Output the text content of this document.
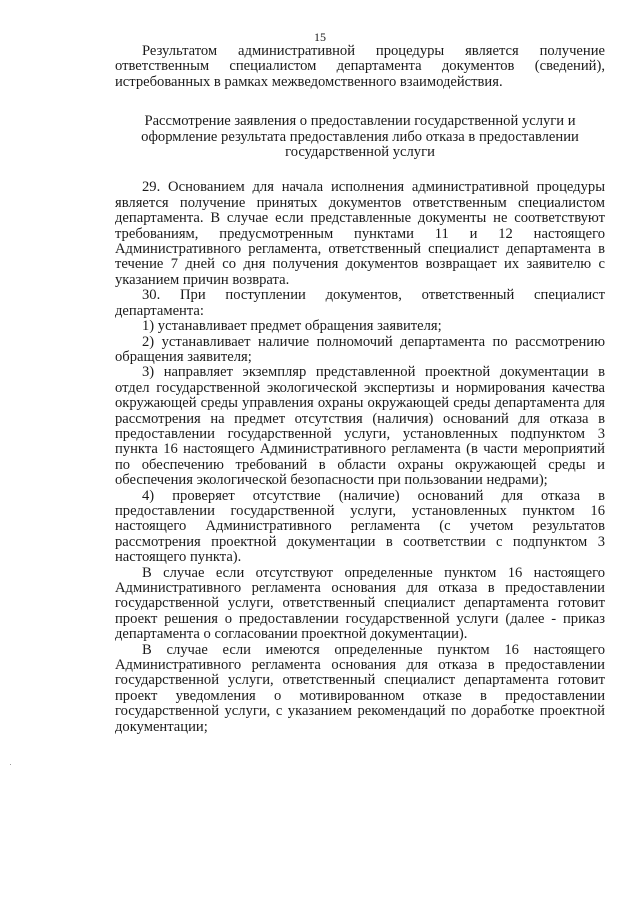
15

Результатом административной процедуры является получение ответственным специалистом департамента документов (сведений), истребованных в рамках межведомственного взаимодействия.

Рассмотрение заявления о предоставлении государственной услуги и оформление результата предоставления либо отказа в предоставлении государственной услуги

29. Основанием для начала исполнения административной процедуры является получение принятых документов ответственным специалистом департамента. В случае если представленные документы не соответствуют требованиям, предусмотренным пунктами 11 и 12 настоящего Административного регламента, ответственный специалист департамента в течение 7 дней со дня получения документов возвращает их заявителю с указанием причин возврата.

30. При поступлении документов, ответственный специалист департамента:

1) устанавливает предмет обращения заявителя;

2) устанавливает наличие полномочий департамента по рассмотрению обращения заявителя;

3) направляет экземпляр представленной проектной документации в отдел государственной экологической экспертизы и нормирования качества окружающей среды управления охраны окружающей среды департамента для рассмотрения на предмет отсутствия (наличия) оснований для отказа в предоставлении государственной услуги, установленных подпунктом 3 пункта 16 настоящего Административного регламента (в части мероприятий по обеспечению требований в области охраны окружающей среды и обеспечения экологической безопасности при пользовании недрами);

4) проверяет отсутствие (наличие) оснований для отказа в предоставлении государственной услуги, установленных пунктом 16 настоящего Административного регламента (с учетом результатов рассмотрения проектной документации в соответствии с подпунктом 3 настоящего пункта).

В случае если отсутствуют определенные пунктом 16 настоящего Административного регламента основания для отказа в предоставлении государственной услуги, ответственный специалист департамента готовит проект решения о предоставлении государственной услуги (далее - приказ департамента о согласовании проектной документации).

В случае если имеются определенные пунктом 16 настоящего Административного регламента основания для отказа в предоставлении государственной услуги, ответственный специалист департамента готовит проект уведомления о мотивированном отказе в предоставлении государственной услуги, с указанием рекомендаций по доработке проектной документации;
